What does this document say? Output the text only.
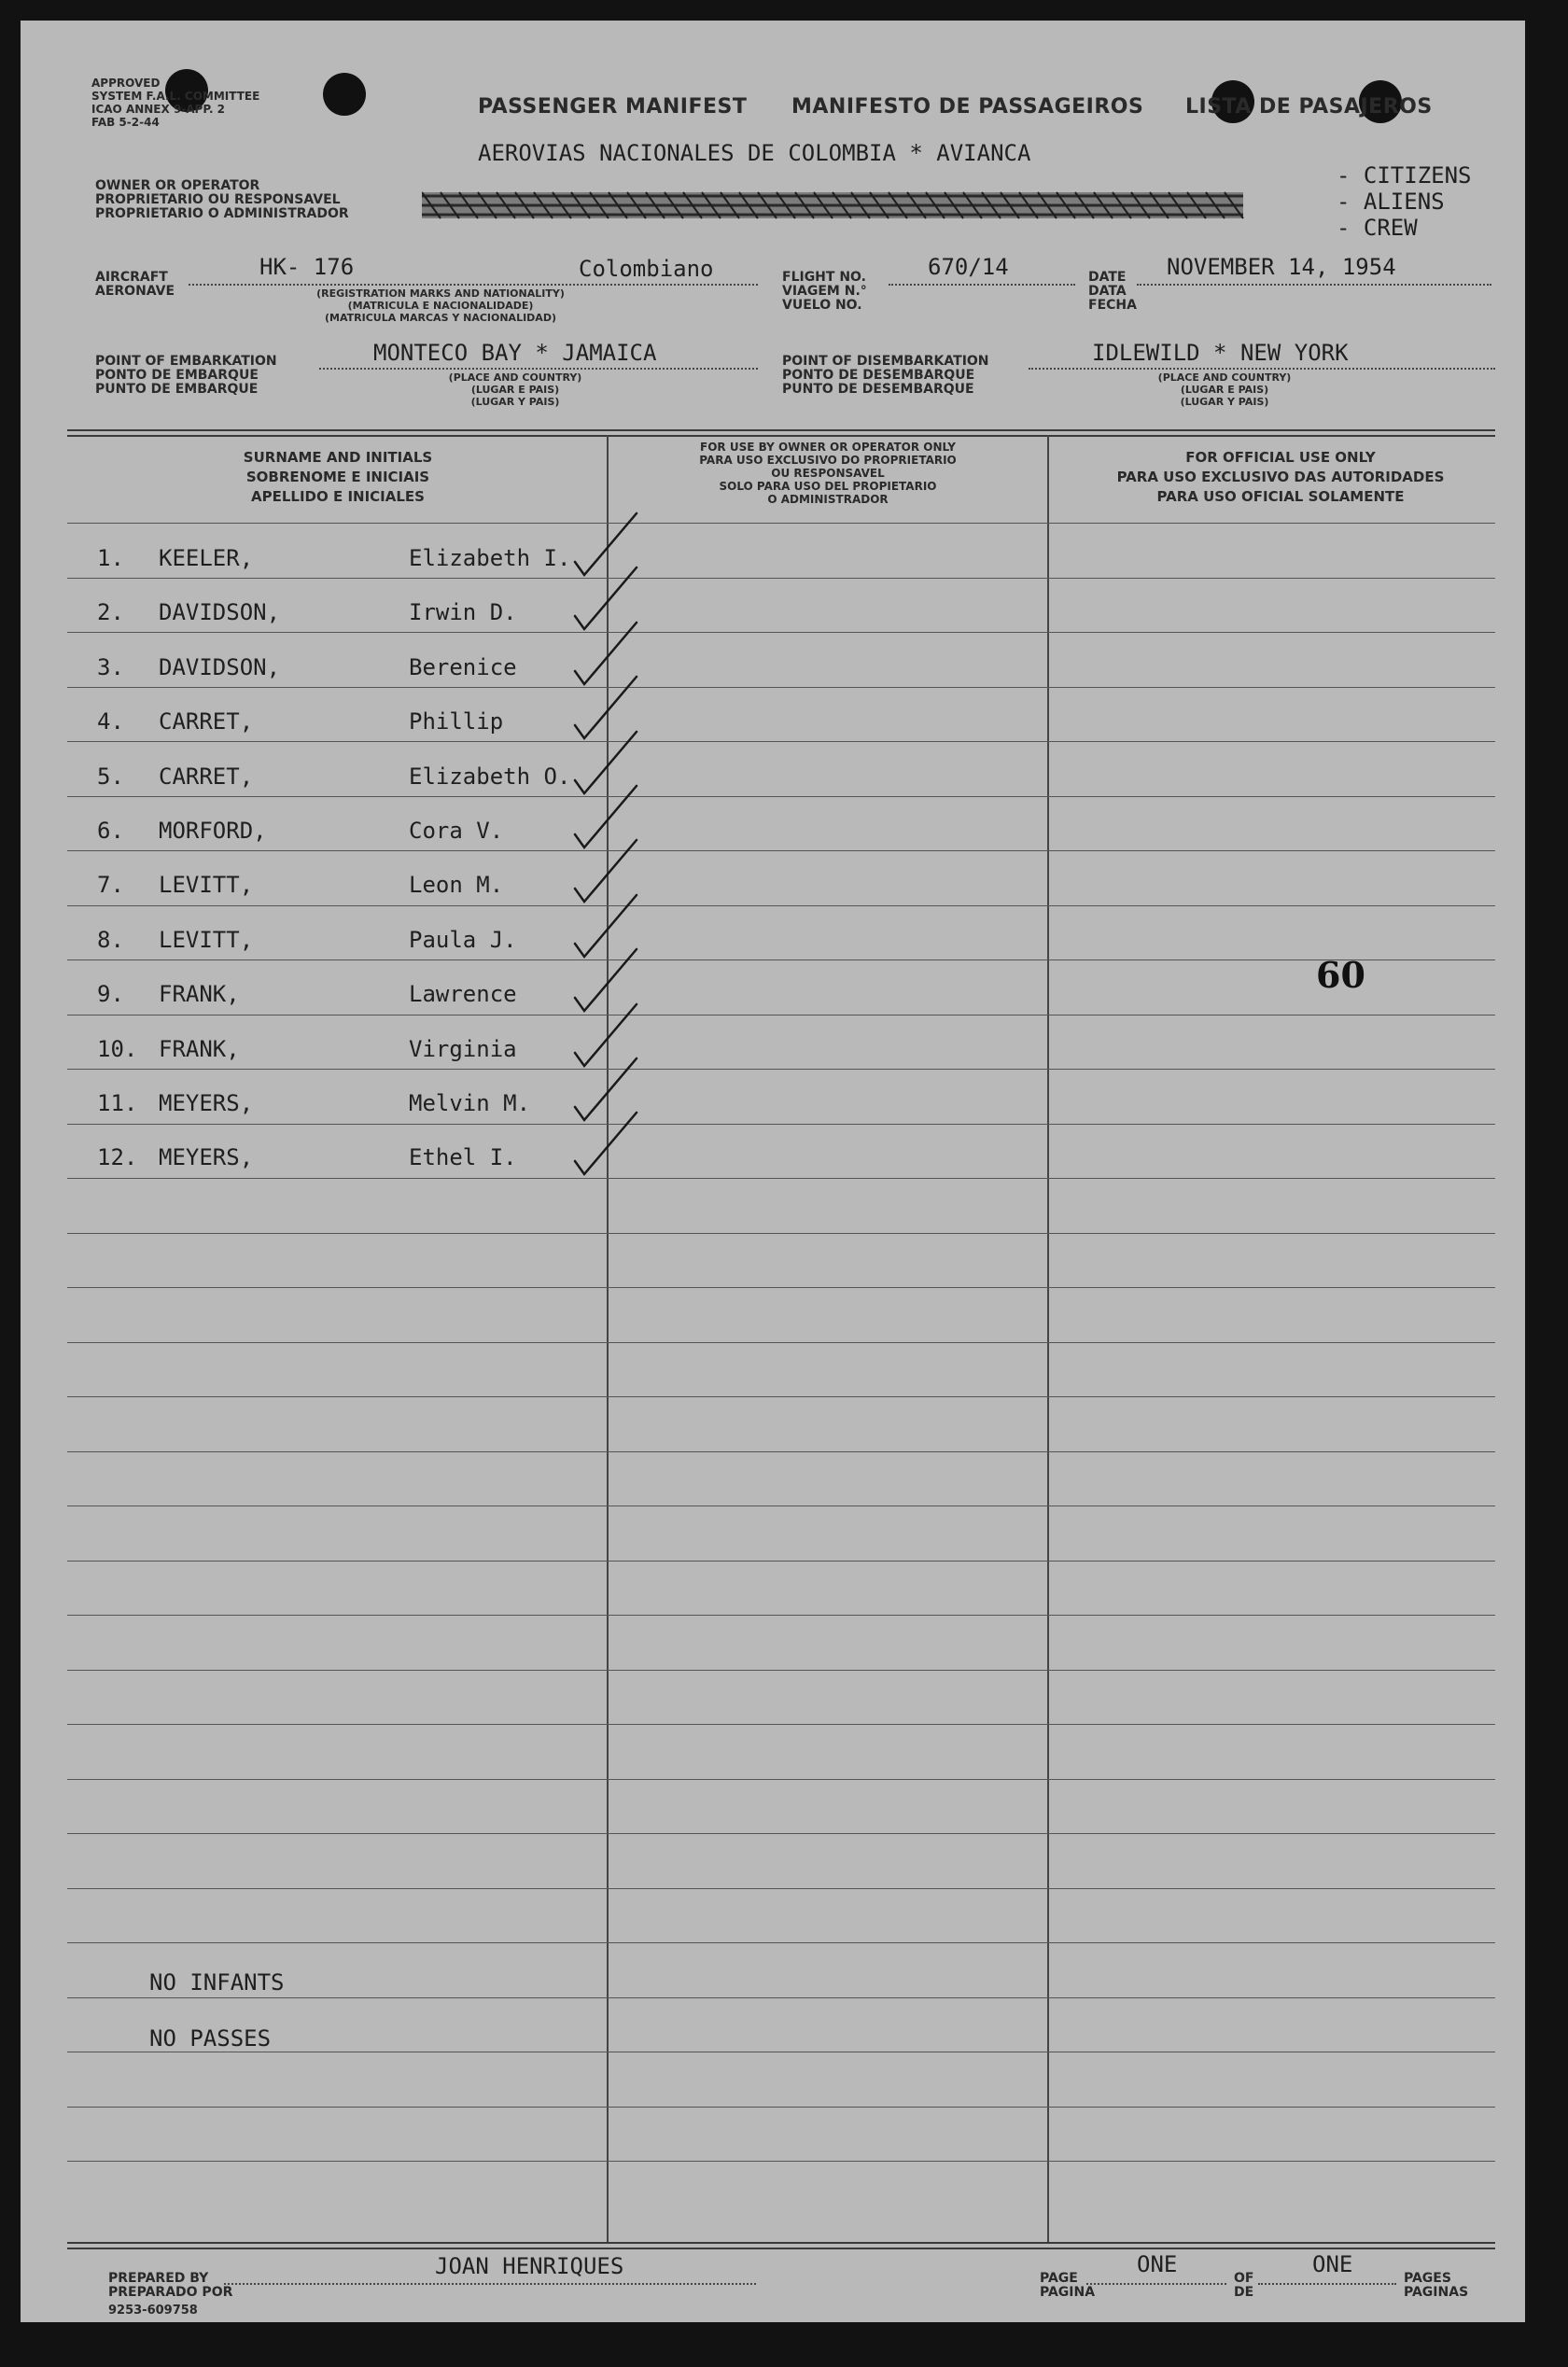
APPROVED
SYSTEM F.A.L. COMMITTEE
ICAO ANNEX 9-APP. 2
FAB 5-2-44
PASSENGER MANIFEST MANIFESTO DE PASSAGEIROS LISTA DE PASAJEROS
OWNER OR OPERATOR
PROPRIETARIO OU RESPONSAVEL
PROPRIETARIO O ADMINISTRADOR
AEROVIAS NACIONALES DE COLOMBIA * AVIANCA
- CITIZENS
- ALIENS
- CREW
AIRCRAFT
AERONAVE
HK- 176	Colombiano
(REGISTRATION MARKS AND NATIONALITY)
(MATRICULA E NACIONALIDADE)
(MATRICULA MARCAS Y NACIONALIDAD)
FLIGHT NO.
VIAGEM N.°
VUELO NO.
670/14	DATE
DATA
FECHA
NOVEMBER 14, 1954
POINT OF EMBARKATION
PONTO DE EMBARQUE
PUNTO DE EMBARQUE
MONTECO BAY * JAMAICA
(PLACE AND COUNTRY)
(LUGAR E PAIS)
(LUGAR Y PAIS)
POINT OF DISEMBARKATION
PONTO DE DESEMBARQUE
PUNTO DE DESEMBARQUE
IDLEWILD * NEW YORK
(PLACE AND COUNTRY)
(LUGAR E PAIS)
(LUGAR Y PAIS)
SURNAME AND INITIALS
SOBRENOME E INICIAIS
APELLIDO E INICIALES
FOR USE BY OWNER OR OPERATOR ONLY
PARA USO EXCLUSIVO DO PROPRIETARIO
OU RESPONSAVEL
SOLO PARA USO DEL PROPIETARIO
O ADMINISTRADOR
FOR OFFICIAL USE ONLY
PARA USO EXCLUSIVO DAS AUTORIDADES
PARA USO OFICIAL SOLAMENTE
1. KEELER,	Elizabeth I.
2. DAVIDSON,	Irwin D.
3. DAVIDSON,	Berenice
4. CARRET,	Phillip
5. CARRET,	Elizabeth O.
6. MORFORD,	Cora V.
7. LEVITT,	Leon M.
8. LEVITT,	Paula J.
9. FRANK,	Lawrence
10. FRANK,	Virginia
11. MEYERS,	Melvin M.
12. MEYERS,	Ethel I.
60
NO INFANTS
NO PASSES
PREPARED BY
PREPARADO POR
JOAN HENRIQUES	PAGE
PAGINA
ONE
OF
DE
ONE
PAGES
PAGINAS
9253-609758
